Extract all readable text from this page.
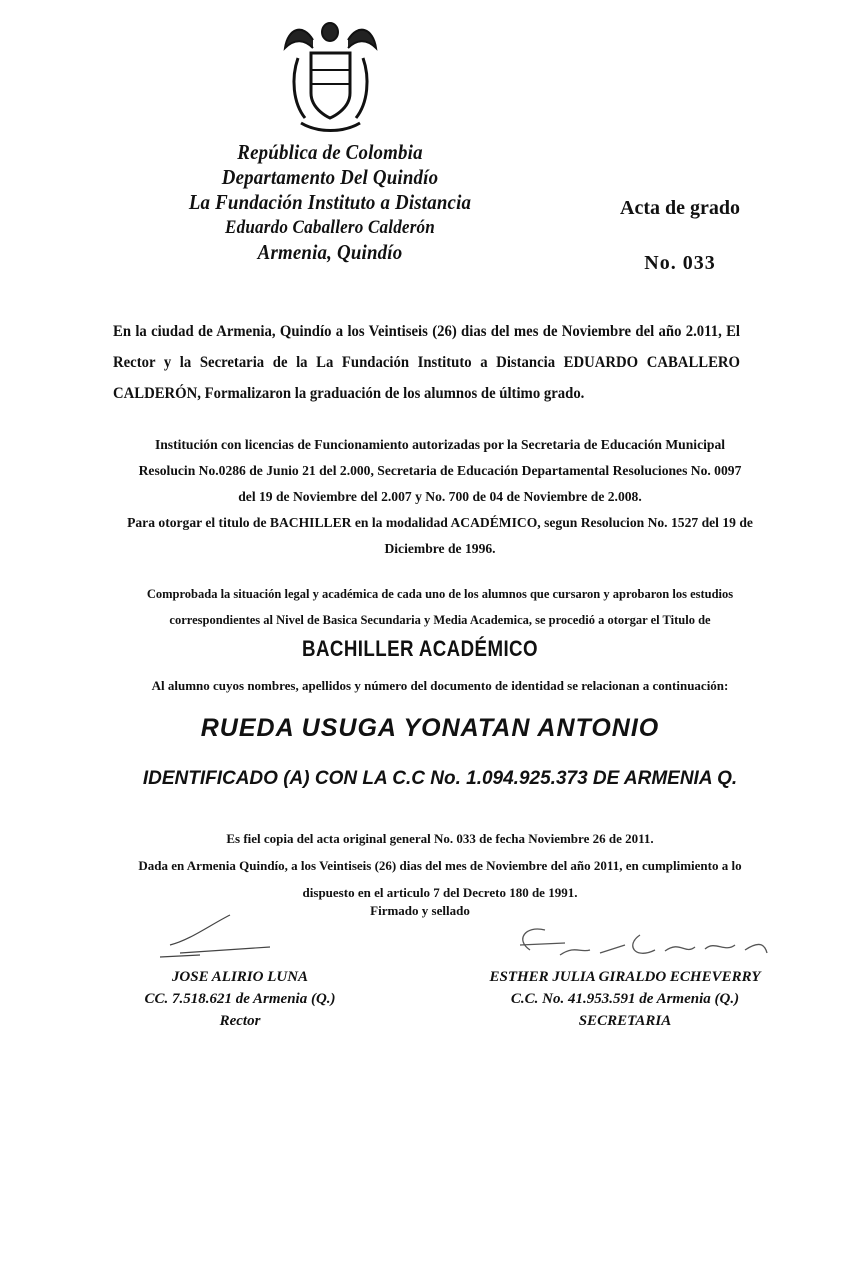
República de Colombia
Departamento Del Quindío
La Fundación Instituto a Distancia
Eduardo Caballero Calderón
Armenia, Quindío
Acta de grado
No. 033
En la ciudad de Armenia, Quindío a los Veintiseis (26) dias del mes de Noviembre del año 2.011, El Rector y la Secretaria de la La Fundación Instituto a Distancia EDUARDO CABALLERO CALDERÓN, Formalizaron la graduación de los alumnos de último grado.
Institución con licencias de Funcionamiento autorizadas por la Secretaria de Educación Municipal
Resolucin No.0286 de Junio 21 del 2.000, Secretaria de Educación Departamental Resoluciones No. 0097
del 19 de Noviembre del 2.007 y No. 700 de 04 de Noviembre de 2.008.
Para otorgar el titulo de BACHILLER en la modalidad ACADÉMICO, segun Resolucion No. 1527 del 19 de
Diciembre de 1996.
Comprobada la situación legal y académica de cada uno de los alumnos que cursaron y aprobaron los estudios
correspondientes al Nivel de Basica Secundaria y Media Academica, se procedió a otorgar el Titulo de
BACHILLER ACADÉMICO
Al alumno cuyos nombres, apellidos y número del documento de identidad se relacionan a continuación:
RUEDA USUGA YONATAN ANTONIO
IDENTIFICADO (A) CON LA C.C No. 1.094.925.373 DE ARMENIA Q.
Es fiel copia del acta original general No. 033 de fecha Noviembre 26 de 2011.
Dada en Armenia Quindío, a los Veintiseis (26) dias del mes de Noviembre del año 2011, en cumplimiento a lo
dispuesto en el articulo 7 del Decreto 180 de 1991.
Firmado y sellado
JOSE ALIRIO LUNA
CC. 7.518.621 de Armenia (Q.)
Rector
ESTHER JULIA GIRALDO ECHEVERRY
C.C. No. 41.953.591 de Armenia (Q.)
SECRETARIA
